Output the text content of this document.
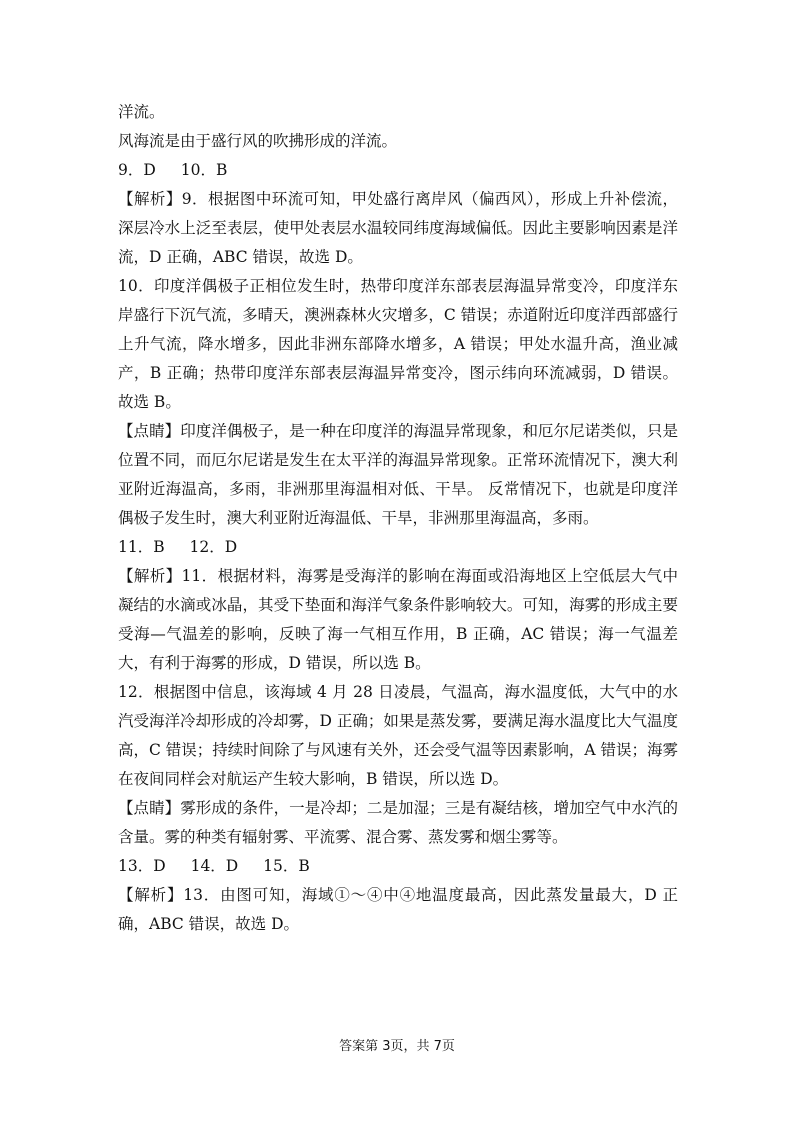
洋流。

风海流是由于盛行风的吹拂形成的洋流。

9．D 10．B

【解析】9．根据图中环流可知，甲处盛行离岸风（偏西风），形成上升补偿流，深层冷水上泛至表层，使甲处表层水温较同纬度海域偏低。因此主要影响因素是洋流，D 正确，ABC 错误，故选 D。

10．印度洋偶极子正相位发生时，热带印度洋东部表层海温异常变冷，印度洋东岸盛行下沉气流，多晴天，澳洲森林火灾增多，C 错误；赤道附近印度洋西部盛行上升气流，降水增多，因此非洲东部降水增多，A 错误；甲处水温升高，渔业减产，B 正确；热带印度洋东部表层海温异常变冷，图示纬向环流减弱，D 错误。故选 B。

【点睛】印度洋偶极子，是一种在印度洋的海温异常现象，和厄尔尼诺类似，只是位置不同，而厄尔尼诺是发生在太平洋的海温异常现象。正常环流情况下，澳大利亚附近海温高，多雨，非洲那里海温相对低、干旱。 反常情况下，也就是印度洋偶极子发生时，澳大利亚附近海温低、干旱，非洲那里海温高，多雨。

11．B 12．D

【解析】11．根据材料，海雾是受海洋的影响在海面或沿海地区上空低层大气中凝结的水滴或冰晶，其受下垫面和海洋气象条件影响较大。可知，海雾的形成主要受海—气温差的影响，反映了海一气相互作用，B 正确，AC 错误；海一气温差大，有利于海雾的形成，D 错误，所以选 B。

12．根据图中信息，该海域 4 月 28 日凌晨，气温高，海水温度低，大气中的水汽受海洋冷却形成的冷却雾，D 正确；如果是蒸发雾，要满足海水温度比大气温度高，C 错误；持续时间除了与风速有关外，还会受气温等因素影响，A 错误；海雾在夜间同样会对航运产生较大影响，B 错误，所以选 D。

【点睛】雾形成的条件，一是冷却；二是加湿；三是有凝结核，增加空气中水汽的含量。雾的种类有辐射雾、平流雾、混合雾、蒸发雾和烟尘雾等。

13．D 14．D 15．B

【解析】13．由图可知，海域①～④中④地温度最高，因此蒸发量最大，D 正确，ABC 错误，故选 D。

答案第 3页，共 7页
